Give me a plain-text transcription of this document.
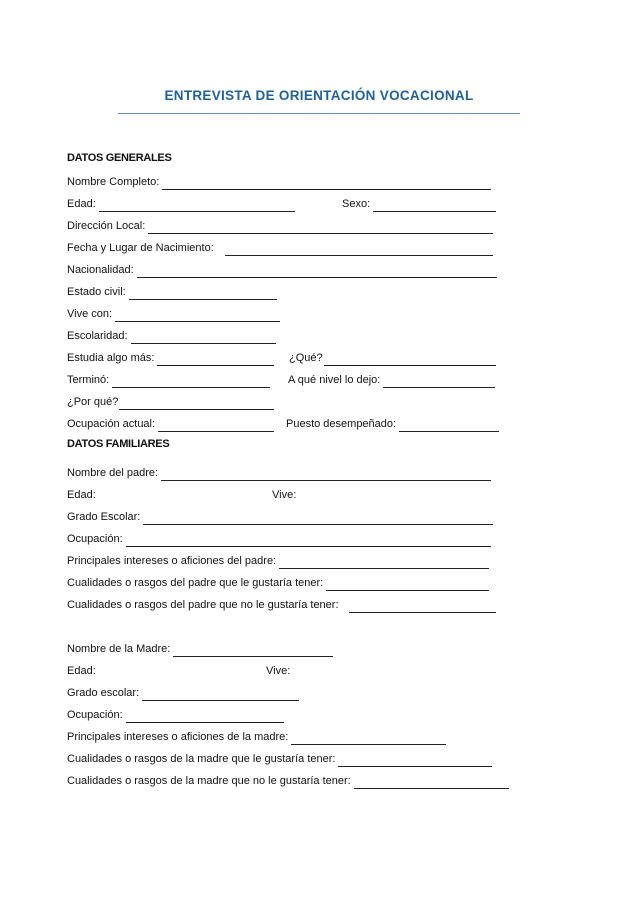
ENTREVISTA DE ORIENTACIÓN VOCACIONAL
DATOS GENERALES
Nombre Completo:
Edad:	Sexo:
Dirección Local:
Fecha y Lugar de Nacimiento:
Nacionalidad:
Estado civil:
Vive con:
Escolaridad:
Estudia algo más:	¿Qué?
Terminó:	A qué nivel lo dejo:
¿Por qué?
Ocupación actual:	Puesto desempeñado:
DATOS FAMILIARES
Nombre del padre:
Edad:	Vive:
Grado Escolar:
Ocupación:
Principales intereses o aficiones del padre:
Cualidades o rasgos del padre que le gustaría tener:
Cualidades o rasgos del padre que no le gustaría tener:
Nombre de la Madre:
Edad:	Vive:
Grado escolar:
Ocupación:
Principales intereses o aficiones de la madre:
Cualidades o rasgos de la madre que le gustaría tener:
Cualidades o rasgos de la madre que no le gustaría tener:
